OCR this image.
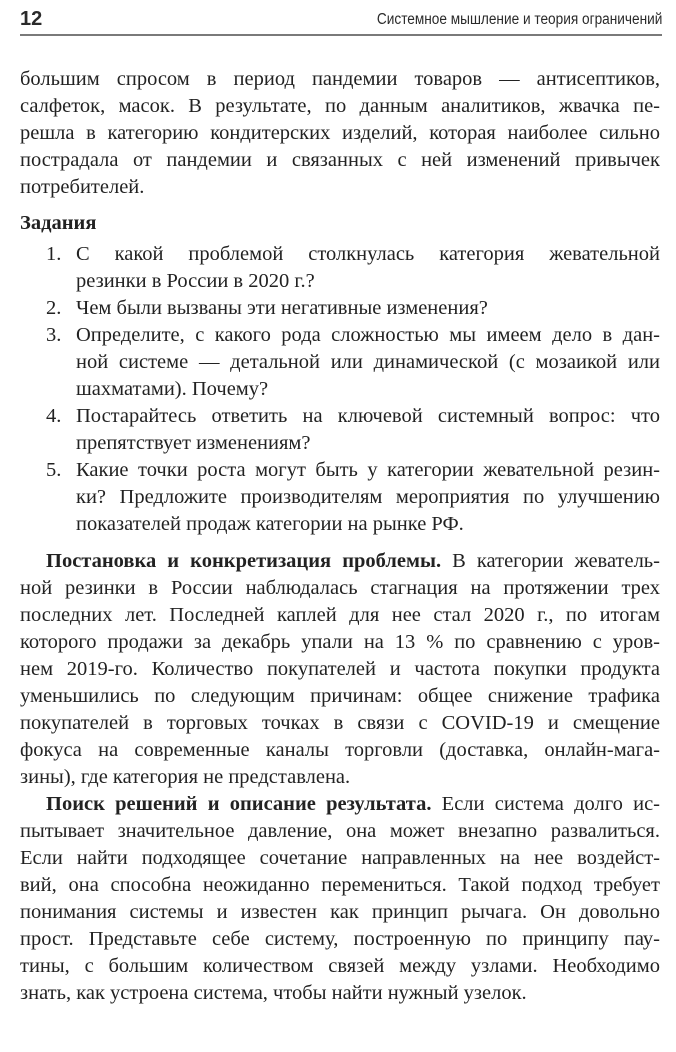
12	Системное мышление и теория ограничений
большим спросом в период пандемии товаров — антисептиков,
салфеток, масок. В результате, по данным аналитиков, жвачка пе-
решла в категорию кондитерских изделий, которая наиболее сильно
пострадала от пандемии и связанных с ней изменений привычек
потребителей.
Задания
1. С какой проблемой столкнулась категория жевательной
резинки в России в 2020 г.?
2. Чем были вызваны эти негативные изменения?
3. Определите, с какого рода сложностью мы имеем дело в дан-
ной системе — детальной или динамической (с мозаикой или
шахматами). Почему?
4. Постарайтесь ответить на ключевой системный вопрос: что
препятствует изменениям?
5. Какие точки роста могут быть у категории жевательной резин-
ки? Предложите производителям мероприятия по улучшению
показателей продаж категории на рынке РФ.
Постановка и конкретизация проблемы. В категории жеватель-
ной резинки в России наблюдалась стагнация на протяжении трех
последних лет. Последней каплей для нее стал 2020 г., по итогам
которого продажи за декабрь упали на 13 % по сравнению с уров-
нем 2019-го. Количество покупателей и частота покупки продукта
уменьшились по следующим причинам: общее снижение трафика
покупателей в торговых точках в связи с COVID-19 и смещение
фокуса на современные каналы торговли (доставка, онлайн-мага-
зины), где категория не представлена.
Поиск решений и описание результата. Если система долго ис-
пытывает значительное давление, она может внезапно развалиться.
Если найти подходящее сочетание направленных на нее воздейст-
вий, она способна неожиданно перемениться. Такой подход требует
понимания системы и известен как принцип рычага. Он довольно
прост. Представьте себе систему, построенную по принципу пау-
тины, с большим количеством связей между узлами. Необходимо
знать, как устроена система, чтобы найти нужный узелок.
